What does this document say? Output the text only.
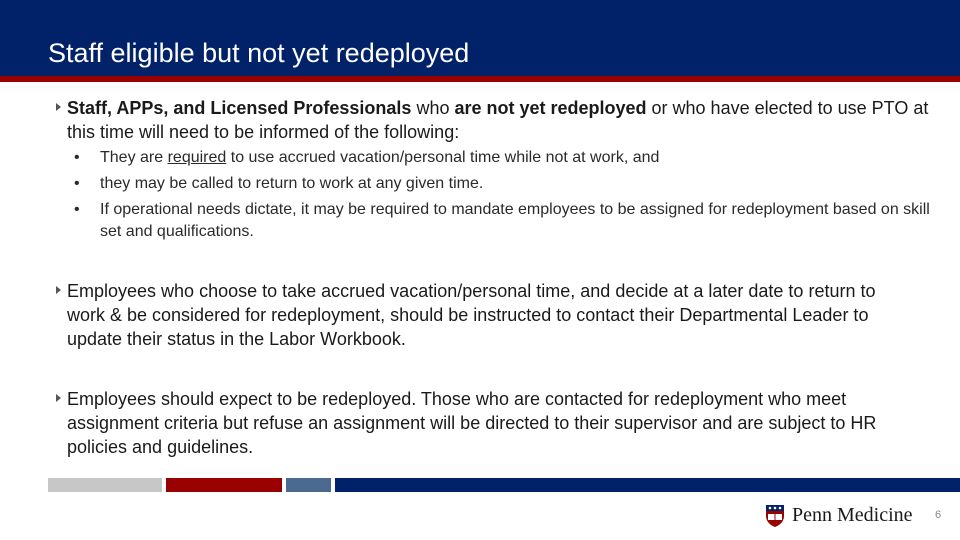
Staff eligible but not yet redeployed
Staff, APPs, and Licensed Professionals who are not yet redeployed or who have elected to use PTO at this time will need to be informed of the following:
• They are required to use accrued vacation/personal time while not at work, and
• they may be called to return to work at any given time.
• If operational needs dictate, it may be required to mandate employees to be assigned for redeployment based on skill set and qualifications.
Employees who choose to take accrued vacation/personal time, and decide at a later date to return to work & be considered for redeployment, should be instructed to contact their Departmental Leader to update their status in the Labor Workbook.
Employees should expect to be redeployed. Those who are contacted for redeployment who meet assignment criteria but refuse an assignment will be directed to their supervisor and are subject to HR policies and guidelines.
Penn Medicine 6
